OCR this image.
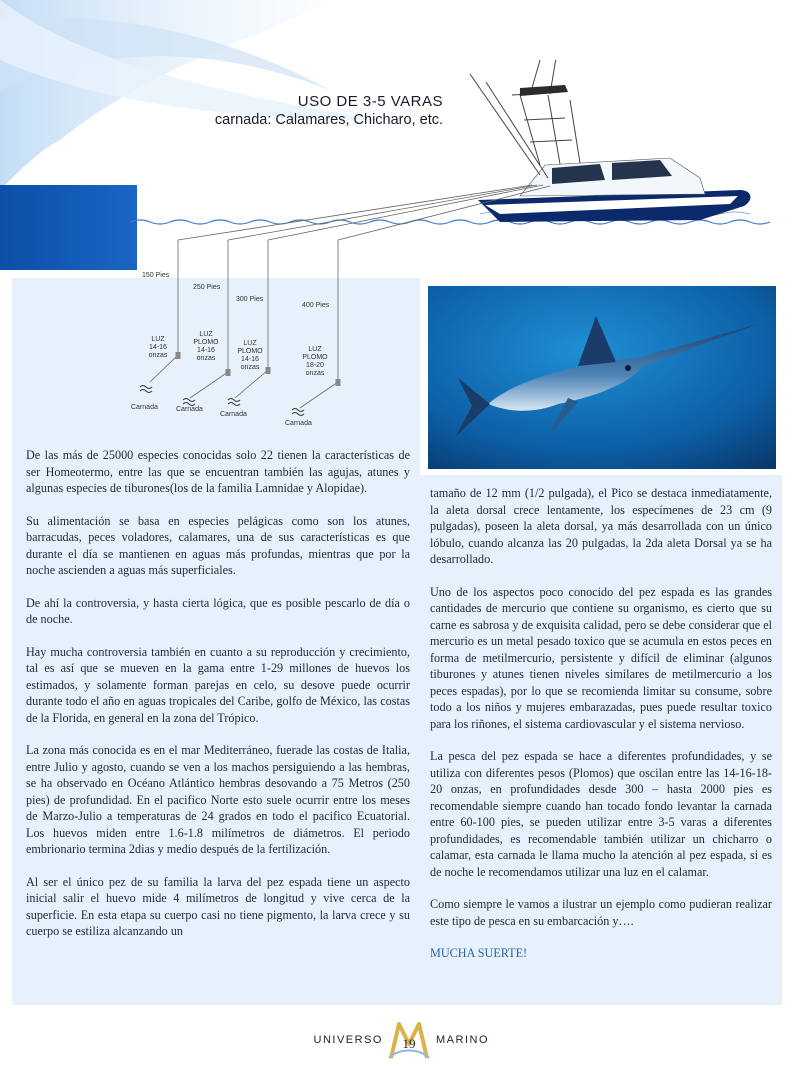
USO DE 3-5 VARAS
carnada: Calamares, Chicharo, etc.
150 Pies
250 Pies
300 Pies
400 Pies
LUZ
14-16
onzas
LUZ
PLOMO
14-16
onzas
LUZ
PLOMO
14-16
onzas
LUZ
PLOMO
18-20
onzas
Carnada	Carnada
Carnada
Carnada

De las más de 25000 especies conocidas solo 22 tienen la características de ser Homeotermo, entre las que se encuentran también las agujas, atunes y algunas especies de tiburones(los de la familia Lamnidae y Alopidae).

Su alimentación se basa en especies pelágicas como son los atunes, barracudas, peces voladores, calamares, una de sus características es que durante el día se mantienen en aguas más profundas, mientras que por la noche ascienden a aguas más superficiales.

De ahí la controversia, y hasta cierta lógica, que es posible pescarlo de día o de noche.

Hay mucha controversia también en cuanto a su reproducción y crecimiento, tal es así que se mueven en la gama entre 1-29 millones de huevos los estimados, y solamente forman parejas en celo, su desove puede ocurrir durante todo el año en aguas tropicales del Caribe, golfo de México, las costas de la Florida, en general en la zona del Trópico.

La zona más conocida es en el mar Mediterráneo, fuerade las costas de Italia, entre Julio y agosto, cuando se ven a los machos persiguiendo a las hembras, se ha observado en Océano Atlántico hembras desovando a 75 Metros (250 pies) de profundidad. En el pacifico Norte esto suele ocurrir entre los meses de Marzo-Julio a temperaturas de 24 grados en todo el pacifico Ecuatorial. Los huevos miden entre 1.6-1.8 milímetros de diámetros. El periodo embrionario termina 2dias y medio después de la fertilización.

Al ser el único pez de su familia la larva del pez espada tiene un aspecto inicial salir el huevo mide 4 milímetros de longitud y vive cerca de la superficie. En esta etapa su cuerpo casi no tiene pigmento, la larva crece y su cuerpo se estiliza alcanzando un

tamaño de 12 mm (1/2 pulgada), el Pico se destaca inmediatamente, la aleta dorsal crece lentamente, los especímenes de 23 cm (9 pulgadas), poseen la aleta dorsal, ya más desarrollada con un único lóbulo, cuando alcanza las 20 pulgadas, la 2da aleta Dorsal ya se ha desarrollado.

Uno de los aspectos poco conocido del pez espada es las grandes cantidades de mercurio que contiene su organismo, es cierto que su carne es sabrosa y de exquisita calidad, pero se debe considerar que el mercurio es un metal pesado toxico que se acumula en estos peces en forma de metilmercurio, persistente y difícil de eliminar (algunos tiburones y atunes tienen niveles similares de metilmercurio a los peces espadas), por lo que se recomienda limitar su consume, sobre todo a los niños y mujeres embarazadas, pues puede resultar toxico para los riñones, el sistema cardiovascular y el sistema nervioso.

La pesca del pez espada se hace a diferentes profundidades, y se utiliza con diferentes pesos (Plomos) que oscilan entre las 14-16-18-20 onzas, en profundidades desde 300 – hasta 2000 pies es recomendable siempre cuando han tocado fondo levantar la carnada entre 60-100 pies, se pueden utilizar entre 3-5 varas a diferentes profundidades, es recomendable también utilizar un chicharro o calamar, esta carnada le llama mucho la atención al pez espada, si es de noche le recomendamos utilizar una luz en el calamar.

Como siempre le vamos a ilustrar un ejemplo como pudieran realizar este tipo de pesca en su embarcación y….

MUCHA SUERTE!

UNIVERSO	19	MARINO
